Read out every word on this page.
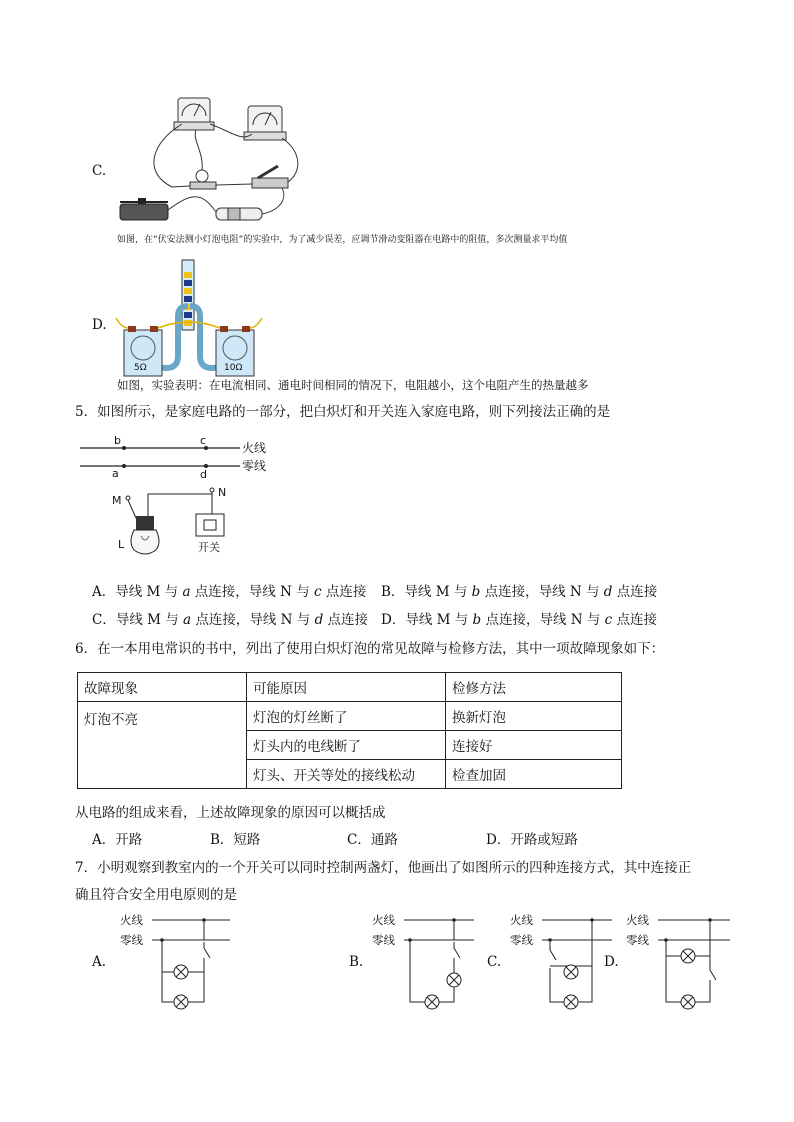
C.
如图，在“伏安法测小灯泡电阻”的实验中，为了减少误差，应调节滑动变阻器在电路中的阻值，多次测量求平均值
D.
5Ω	10Ω
如图，实验表明：在电流相同、通电时间相同的情况下，电阻越小，这个电阻产生的热量越多
5．如图所示，是家庭电路的一部分，把白炽灯和开关连入家庭电路，则下列接法正确的是
b	c
a	d
火线
零线
M
L
N
开关
A．导线 M 与 a 点连接，导线 N 与 c 点连接 B．导线 M 与 b 点连接，导线 N 与 d 点连接
C．导线 M 与 a 点连接，导线 N 与 d 点连接 D．导线 M 与 b 点连接，导线 N 与 c 点连接
6．在一本用电常识的书中，列出了使用白炽灯泡的常见故障与检修方法，其中一项故障现象如下：
故障现象	可能原因	检修方法
灯泡不亮	灯泡的灯丝断了	换新灯泡
	灯头内的电线断了	连接好
	灯头、开关等处的接线松动	检查加固
从电路的组成来看，上述故障现象的原因可以概括成
A．开路	B．短路	C．通路	D．开路或短路
7．小明观察到教室内的一个开关可以同时控制两盏灯，他画出了如图所示的四种连接方式，其中连接正
确且符合安全用电原则的是
A.
火线
零线
B.
火线
零线
C.
火线
零线
D.
火线
零线
